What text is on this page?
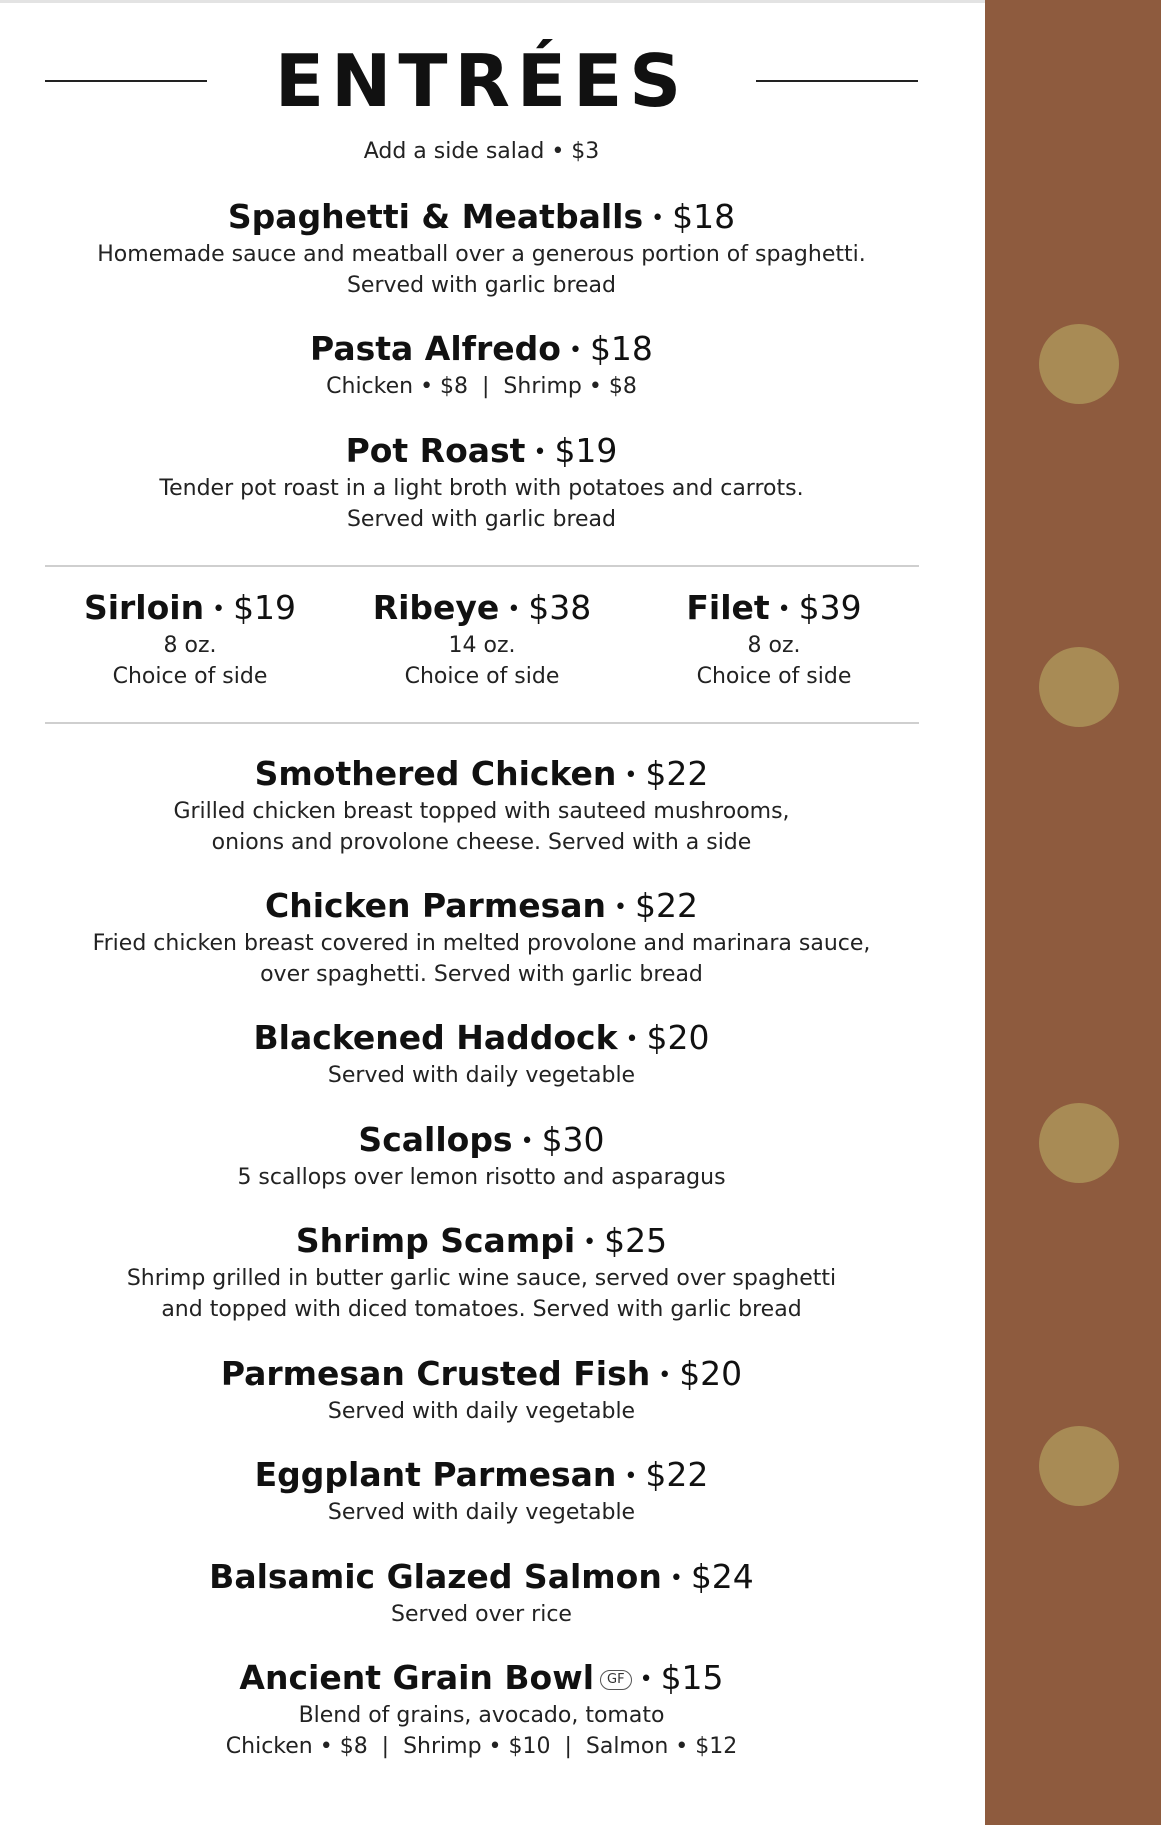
ENTRÉES
Add a side salad • $3
Spaghetti & Meatballs • $18
Homemade sauce and meatball over a generous portion of spaghetti.
Served with garlic bread
Pasta Alfredo • $18
Chicken • $8  |  Shrimp • $8
Pot Roast • $19
Tender pot roast in a light broth with potatoes and carrots.
Served with garlic bread
Sirloin • $19
8 oz.
Choice of side
Ribeye • $38
14 oz.
Choice of side
Filet • $39
8 oz.
Choice of side
Smothered Chicken • $22
Grilled chicken breast topped with sauteed mushrooms,
onions and provolone cheese. Served with a side
Chicken Parmesan • $22
Fried chicken breast covered in melted provolone and marinara sauce,
over spaghetti. Served with garlic bread
Blackened Haddock • $20
Served with daily vegetable
Scallops • $30
5 scallops over lemon risotto and asparagus
Shrimp Scampi • $25
Shrimp grilled in butter garlic wine sauce, served over spaghetti
and topped with diced tomatoes. Served with garlic bread
Parmesan Crusted Fish • $20
Served with daily vegetable
Eggplant Parmesan • $22
Served with daily vegetable
Balsamic Glazed Salmon • $24
Served over rice
Ancient Grain Bowl GF • $15
Blend of grains, avocado, tomato
Chicken • $8  |  Shrimp • $10  |  Salmon • $12
